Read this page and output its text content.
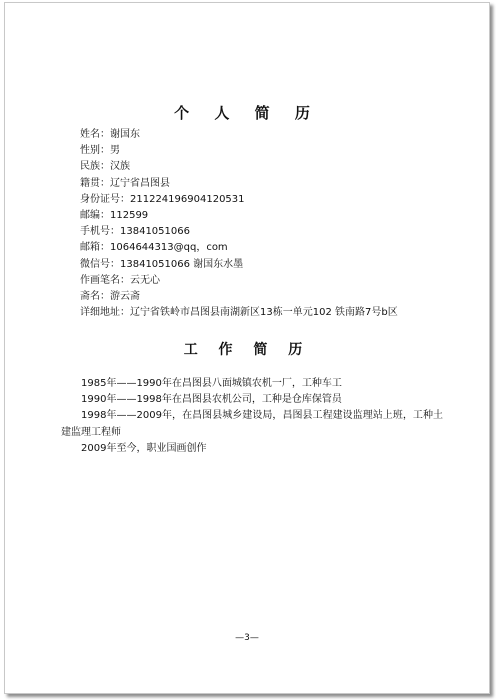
个 人 简 历
姓名：谢国东
性别：男
民族：汉族
籍贯：辽宁省昌图县
身份证号：211224196904120531
邮编：112599
手机号：13841051066
邮箱：1064644313@qq，com
微信号：13841051066 谢国东水墨
作画笔名：云无心
斋名：游云斋
详细地址：辽宁省铁岭市昌图县南湖新区13栋一单元102 铁南路7号b区
工 作 简 历

1985年——1990年在昌图县八面城镇农机一厂，工种车工

1990年——1998年在昌图县农机公司，工种是仓库保管员

1998年——2009年，在昌图县城乡建设局，昌图县工程建设监理站上班，工种土建监理工程师

2009年至今，职业国画创作

—3—
